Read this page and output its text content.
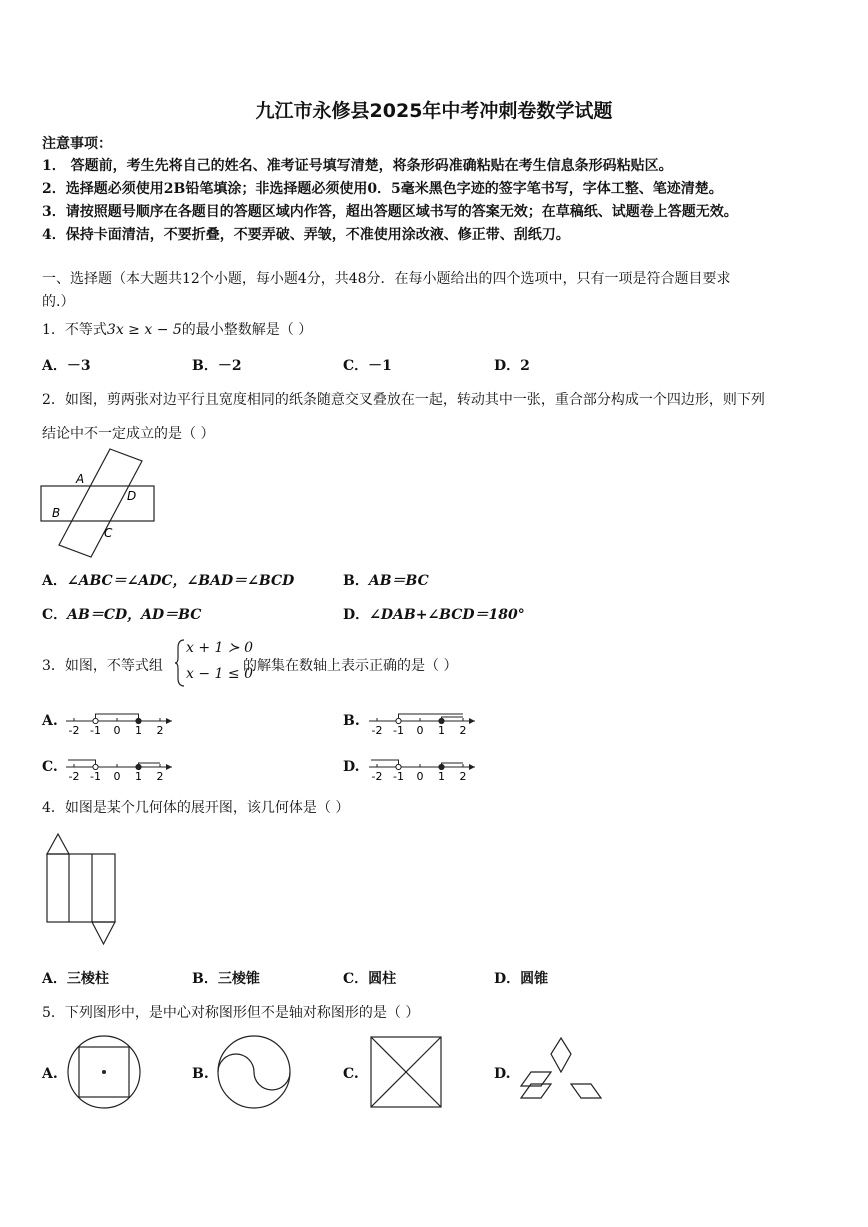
九江市永修县2025年中考冲刺卷数学试题
注意事项：
1． 答题前，考生先将自己的姓名、准考证号填写清楚，将条形码准确粘贴在考生信息条形码粘贴区。
2．选择题必须使用2B铅笔填涂；非选择题必须使用0．5毫米黑色字迹的签字笔书写，字体工整、笔迹清楚。
3．请按照题号顺序在各题目的答题区域内作答，超出答题区域书写的答案无效；在草稿纸、试题卷上答题无效。
4．保持卡面清洁，不要折叠，不要弄破、弄皱，不准使用涂改液、修正带、刮纸刀。
一、选择题（本大题共12个小题，每小题4分，共48分．在每小题给出的四个选项中，只有一项是符合题目要求
的.）
1．不等式3x ≥ x − 5的最小整数解是（ ）
A．－3	B．－2	C．－1	D．2
2．如图，剪两张对边平行且宽度相同的纸条随意交叉叠放在一起，转动其中一张，重合部分构成一个四边形，则下列
结论中不一定成立的是（ ）
A
B
C
D
A．∠ABC＝∠ADC，∠BAD＝∠BCD	B．AB＝BC
C．AB＝CD，AD＝BC	D．∠DAB+∠BCD＝180°
3．如图，不等式组
x + 1 ≻ 0
x − 1 ≤ 0
的解集在数轴上表示正确的是（ ）
A.
-2 -1 0 1 2
B.
-2 -1 0 1 2
C.
-2 -1 0 1 2
D.
-2 -1 0 1 2
4．如图是某个几何体的展开图，该几何体是（ ）
A．三棱柱	B．三棱锥	C．圆柱	D．圆锥
5．下列图形中，是中心对称图形但不是轴对称图形的是（ ）
A.	B.	C.	D.
